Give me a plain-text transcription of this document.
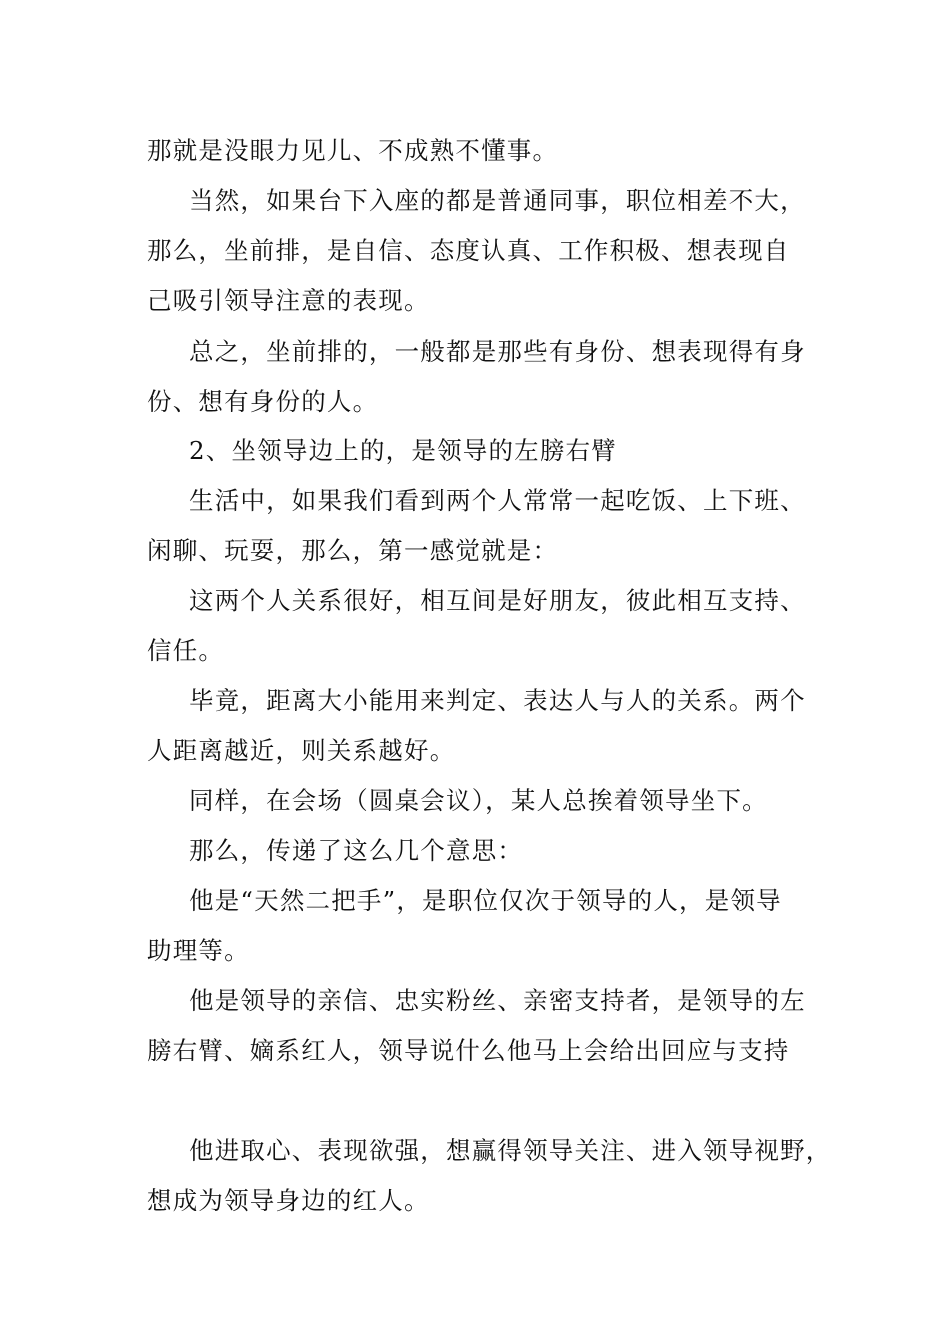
那就是没眼力见儿、不成熟不懂事。
当然，如果台下入座的都是普通同事，职位相差不大，
那么，坐前排，是自信、态度认真、工作积极、想表现自
己吸引领导注意的表现。
总之，坐前排的，一般都是那些有身份、想表现得有身
份、想有身份的人。
2、坐领导边上的，是领导的左膀右臂
生活中，如果我们看到两个人常常一起吃饭、上下班、
闲聊、玩耍，那么，第一感觉就是：
这两个人关系很好，相互间是好朋友，彼此相互支持、
信任。
毕竟，距离大小能用来判定、表达人与人的关系。两个
人距离越近，则关系越好。
同样，在会场（圆桌会议），某人总挨着领导坐下。
那么，传递了这么几个意思：
他是“天然二把手”，是职位仅次于领导的人，是领导
助理等。
他是领导的亲信、忠实粉丝、亲密支持者，是领导的左
膀右臂、嫡系红人，领导说什么他马上会给出回应与支持
他进取心、表现欲强，想赢得领导关注、进入领导视野，
想成为领导身边的红人。
